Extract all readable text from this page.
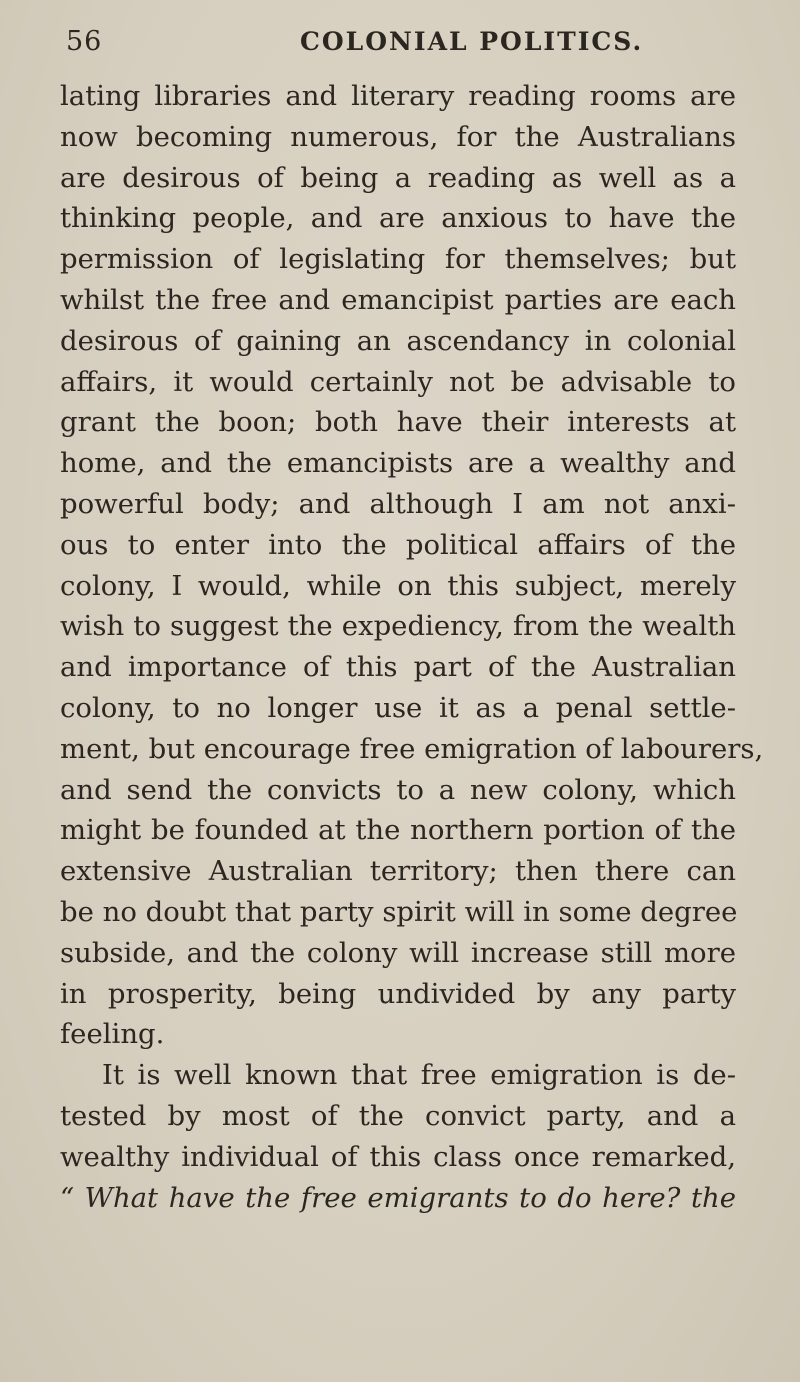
56	COLONIAL POLITICS.
lating libraries and literary reading rooms are
now becoming numerous, for the Australians
are desirous of being a reading as well as a
thinking people, and are anxious to have the
permission of legislating for themselves; but
whilst the free and emancipist parties are each
desirous of gaining an ascendancy in colonial
affairs, it would certainly not be advisable to
grant the boon; both have their interests at
home, and the emancipists are a wealthy and
powerful body; and although I am not anxi-
ous to enter into the political affairs of the
colony, I would, while on this subject, merely
wish to suggest the expediency, from the wealth
and importance of this part of the Australian
colony, to no longer use it as a penal settle-
ment, but encourage free emigration of labourers,
and send the convicts to a new colony, which
might be founded at the northern portion of the
extensive Australian territory; then there can
be no doubt that party spirit will in some degree
subside, and the colony will increase still more
in prosperity, being undivided by any party
feeling.
It is well known that free emigration is de-
tested by most of the convict party, and a
wealthy individual of this class once remarked,
“ What have the free emigrants to do here? the
